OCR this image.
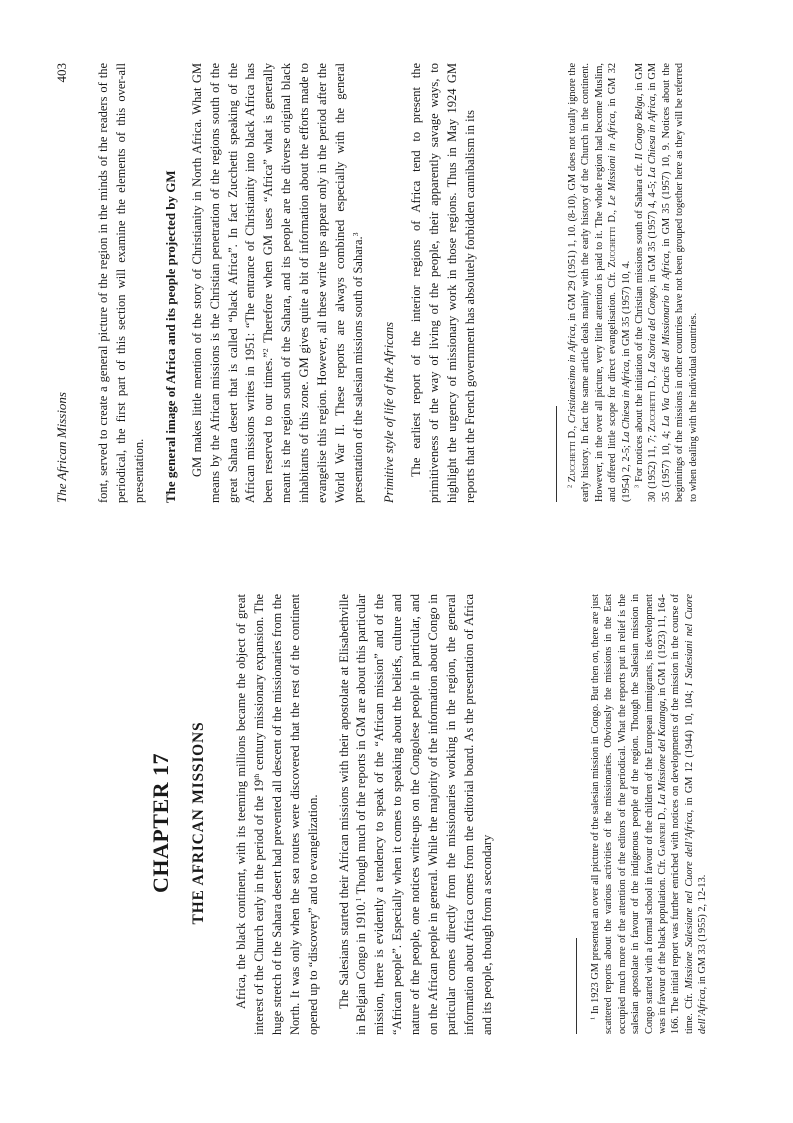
CHAPTER 17 THE AFRICAN MISSIONS Africa, the black continent, with its teeming millions became the object of great interest of the Church early in the period of the 19th century missionary expansion. The huge stretch of the Sahara desert had prevented all descent of the missionaries from the North. It was only when the sea routes were discovered that the rest of the continent opened up to “discovery” and to evangelization. The Salesians started their African missions with their apostolate at Elisabethville in Belgian Congo in 1910.$^1$ Though much of the reports in GM are about this particular mission, there is evidently a tendency to speak of the “African mission” and of the “African people”. Especially when it comes to speaking about the beliefs, culture and nature of the people, one notices write-ups on the Congolese people in particular, and on the African people in general. While the majority of the information about Congo in particular comes directly from the missionaries working in the region, the general information about Africa comes from the editorial board. As the presentation of Africa and its people, though from a secondary	$^1$ In 1923 GM presented an over all picture of the salesian mission in Congo. But then on, there are just scattered reports about the various activities of the missionaries. Obviously the missions in the East occupied much more of the attention of the editors of the periodical. What the reports put in relief is the salesian apostolate in favour of the indigenous people of the region. Though the Salesian mission in Congo started with a formal school in favour of the children of the European immigrants, its development was in favour of the black population. Cfr. Garneri D., La Missione del Katanga, in GM 1 (1923) 11, 164-166. The initial report was further enriched with notices on developments of the mission in the course of time. Cfr. Missione Salesiane nel Cuore dell’Africa, in GM 12 (1944) 10, 104; I Salesiani nel Cuore dell’Africa, in GM 33 (1955) 2, 12-13.

The African Missions
403 font, served to create a general picture of the region in the minds of the readers of the periodical, the first part of this section will examine the elements of this over-all presentation. The general image of Africa and its people projected by GM GM makes little mention of the story of Christianity in North Africa. What GM means by the African missions is the Christian penetration of the regions south of the great Sahara desert that is called “black Africa”. In fact Zucchetti speaking of the African missions writes in 1951: “The entrance of Christianity into black Africa has been reserved to our times.”$^2$ Therefore when GM uses “Africa” what is generally meant is the region south of the Sahara, and its people are the diverse original black inhabitants of this zone. GM gives quite a bit of information about the efforts made to evangelise this region. However, all these write ups appear only in the period after the World War II. These reports are always combined especially with the general presentation of the salesian missions south of Sahara.$^3$

Primitive style of life of the Africans The earliest report of the interior regions of Africa tend to present the primitiveness of the way of living of the people, their apparently savage ways, to highlight the urgency of missionary work in those regions. Thus in May 1924 GM reports that the French government has absolutely forbidden cannibalism in its	$^2$ Zucchetti D., Cristianesimo in Africa, in GM 29 (1951) 1, 10. (8-10). GM does not totally ignore the early history. In fact the same article deals mainly with the early history of the Church in the continent. However, in the over all picture, very little attention is paid to it. The whole region had become Muslim, and offered little scope for direct evangelisation. Cfr. Zucchetti D., Le Missioni in Africa, in GM 32 (1954) 2, 2-5; La Chiesa in Africa, in GM 35 (1957) 10, 4.

$^3$ For notices about the initiation of the Christian missions south of Sahara cfr. Il Congo Belga, in GM 30 (1952) 11, 7; Zucchetti D., La Storia del Congo, in GM 35 (1957) 4, 4-5; La Chiesa in Africa, in GM 35 (1957) 10, 4; La Via Crucis del Missionario in Africa, in GM 35 (1957) 10, 9. Notices about the beginnings of the missions in other countries have not been grouped together here as they will be referred to when dealing with the individual countries.
